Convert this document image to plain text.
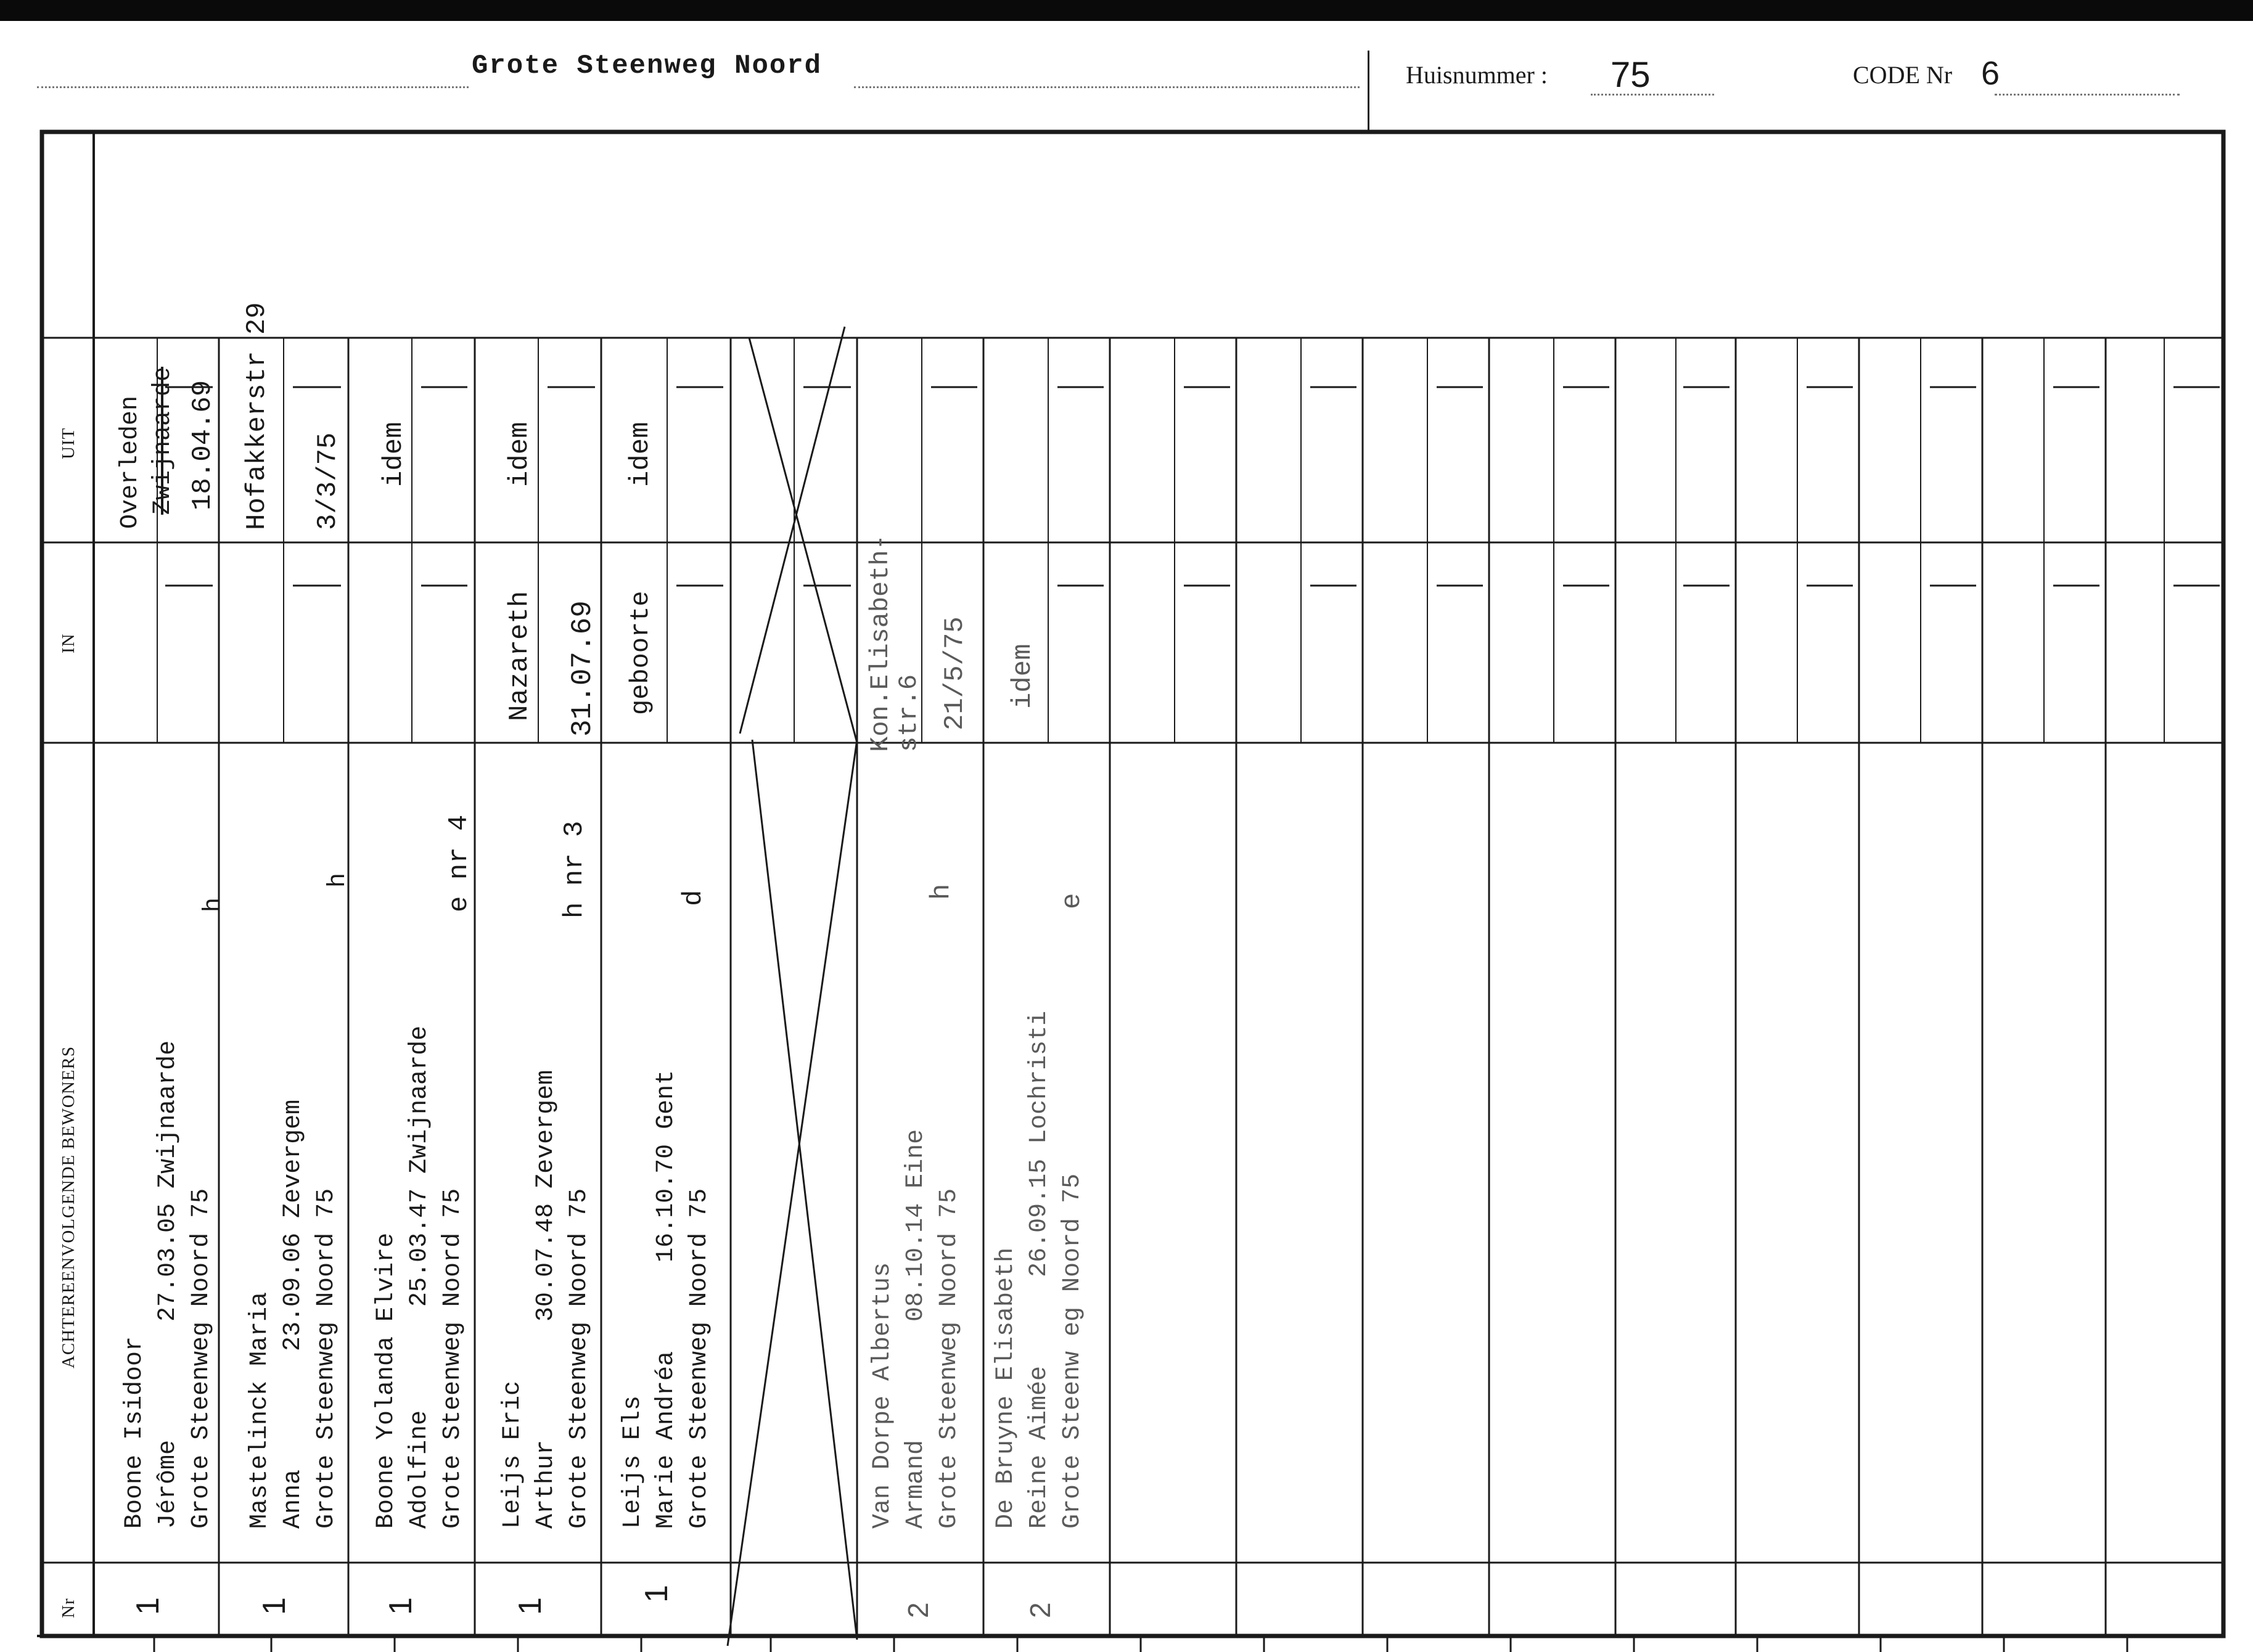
Grote Steenweg Noord	Huisnummer : 75	CODE Nr 6
UIT
IN
ACHTEREENVOLGENDE BEWONERS
Nr
Boone Isidoor Jérôme        27.03.05 Zwijnaarde Grote Steenweg Noord 75
h
Overleden Zwijnaarde 18.04.69
1
Mastelinck Maria Anna        23.09.06 Zevergem Grote Steenweg Noord 75
h
Hofakkerstr 29 3/3/75
1
Boone Yolanda Elvire Adolfine       25.03.47 Zwijnaarde Grote Steenweg Noord 75
e nr 4
idem
1
Leijs Eric Arthur        30.07.48 Zevergem Grote Steenweg Noord 75
h nr 3
idem
Nazareth 31.07.69
1
Leijs Els Marie Andréa      16.10.70 Gent Grote Steenweg Noord 75
d
idem
geboorte
1
Van Dorpe Albertus Armand        08.10.14 Eine Grote Steenweg Noord 75
h
Kon.Elisabeth-str.6 21/5/75
2
De Bruyne Elisabeth Reine Aimée      26.09.15 Lochristi Grote Steenw eg Noord 75
e
idem
2
